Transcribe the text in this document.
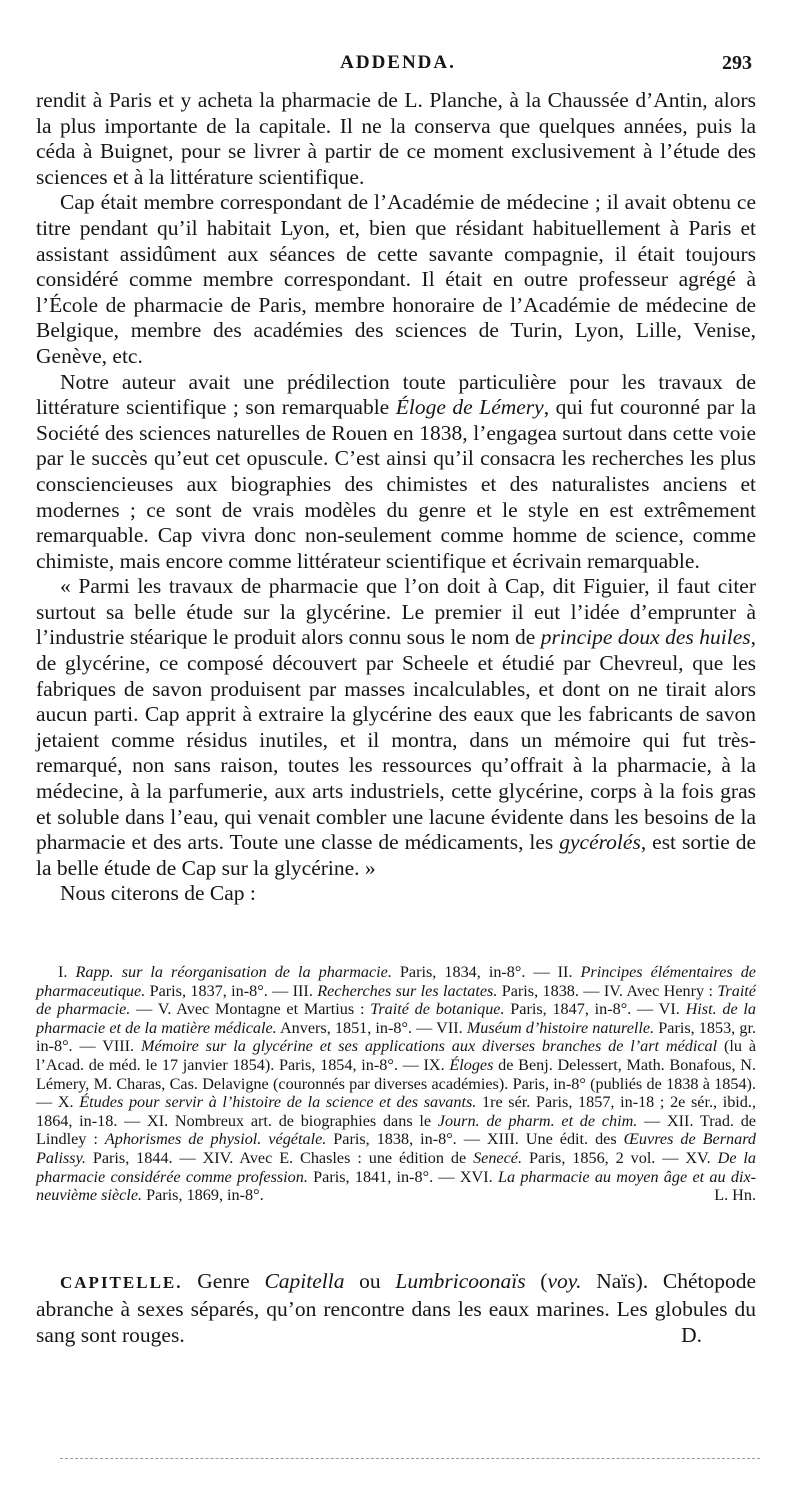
ADDENDA.	293

rendit à Paris et y acheta la pharmacie de L. Planche, à la Chaussée d’Antin, alors la plus importante de la capitale. Il ne la conserva que quelques années, puis la céda à Buignet, pour se livrer à partir de ce moment exclusivement à l’étude des sciences et à la littérature scientifique.

Cap était membre correspondant de l’Académie de médecine ; il avait obtenu ce titre pendant qu’il habitait Lyon, et, bien que résidant habituellement à Paris et assistant assidûment aux séances de cette savante compagnie, il était toujours considéré comme membre correspondant. Il était en outre professeur agrégé à l’École de pharmacie de Paris, membre honoraire de l’Académie de médecine de Belgique, membre des académies des sciences de Turin, Lyon, Lille, Venise, Genève, etc.

Notre auteur avait une prédilection toute particulière pour les travaux de littérature scientifique ; son remarquable Éloge de Lémery, qui fut couronné par la Société des sciences naturelles de Rouen en 1838, l’engagea surtout dans cette voie par le succès qu’eut cet opuscule. C’est ainsi qu’il consacra les recherches les plus consciencieuses aux biographies des chimistes et des naturalistes anciens et modernes ; ce sont de vrais modèles du genre et le style en est extrêmement remarquable. Cap vivra donc non-seulement comme homme de science, comme chimiste, mais encore comme littérateur scientifique et écrivain remarquable.

« Parmi les travaux de pharmacie que l’on doit à Cap, dit Figuier, il faut citer surtout sa belle étude sur la glycérine. Le premier il eut l’idée d’emprunter à l’industrie stéarique le produit alors connu sous le nom de principe doux des huiles, de glycérine, ce composé découvert par Scheele et étudié par Chevreul, que les fabriques de savon produisent par masses incalculables, et dont on ne tirait alors aucun parti. Cap apprit à extraire la glycérine des eaux que les fabricants de savon jetaient comme résidus inutiles, et il montra, dans un mémoire qui fut très-remarqué, non sans raison, toutes les ressources qu’offrait à la pharmacie, à la médecine, à la parfumerie, aux arts industriels, cette glycérine, corps à la fois gras et soluble dans l’eau, qui venait combler une lacune évidente dans les besoins de la pharmacie et des arts. Toute une classe de médicaments, les gycérolés, est sortie de la belle étude de Cap sur la glycérine. »

Nous citerons de Cap :

I. Rapp. sur la réorganisation de la pharmacie. Paris, 1834, in-8°. — II. Principes élémentaires de pharmaceutique. Paris, 1837, in-8°. — III. Recherches sur les lactates. Paris, 1838. — IV. Avec Henry : Traité de pharmacie. — V. Avec Montagne et Martius : Traité de botanique. Paris, 1847, in-8°. — VI. Hist. de la pharmacie et de la matière médicale. Anvers, 1851, in-8°. — VII. Muséum d’histoire naturelle. Paris, 1853, gr. in-8°. — VIII. Mémoire sur la glycérine et ses applications aux diverses branches de l’art médical (lu à l’Acad. de méd. le 17 janvier 1854). Paris, 1854, in-8°. — IX. Éloges de Benj. Delessert, Math. Bonafous, N. Lémery, M. Charas, Cas. Delavigne (couronnés par diverses académies). Paris, in-8° (publiés de 1838 à 1854). — X. Études pour servir à l’histoire de la science et des savants. 1re sér. Paris, 1857, in-18 ; 2e sér., ibid., 1864, in-18. — XI. Nombreux art. de biographies dans le Journ. de pharm. et de chim. — XII. Trad. de Lindley : Aphorismes de physiol. végétale. Paris, 1838, in-8°. — XIII. Une édit. des Œuvres de Bernard Palissy. Paris, 1844. — XIV. Avec E. Chasles : une édition de Senecé. Paris, 1856, 2 vol. — XV. De la pharmacie considérée comme profession. Paris, 1841, in-8°. — XVI. La pharmacie au moyen âge et au dix-neuvième siècle. Paris, 1869, in-8°.	L. Hn.

CAPITELLE. Genre Capitella ou Lumbricoonaïs (voy. Naïs). Chétopode abranche à sexes séparés, qu’on rencontre dans les eaux marines. Les globules du sang sont rouges.	D.
